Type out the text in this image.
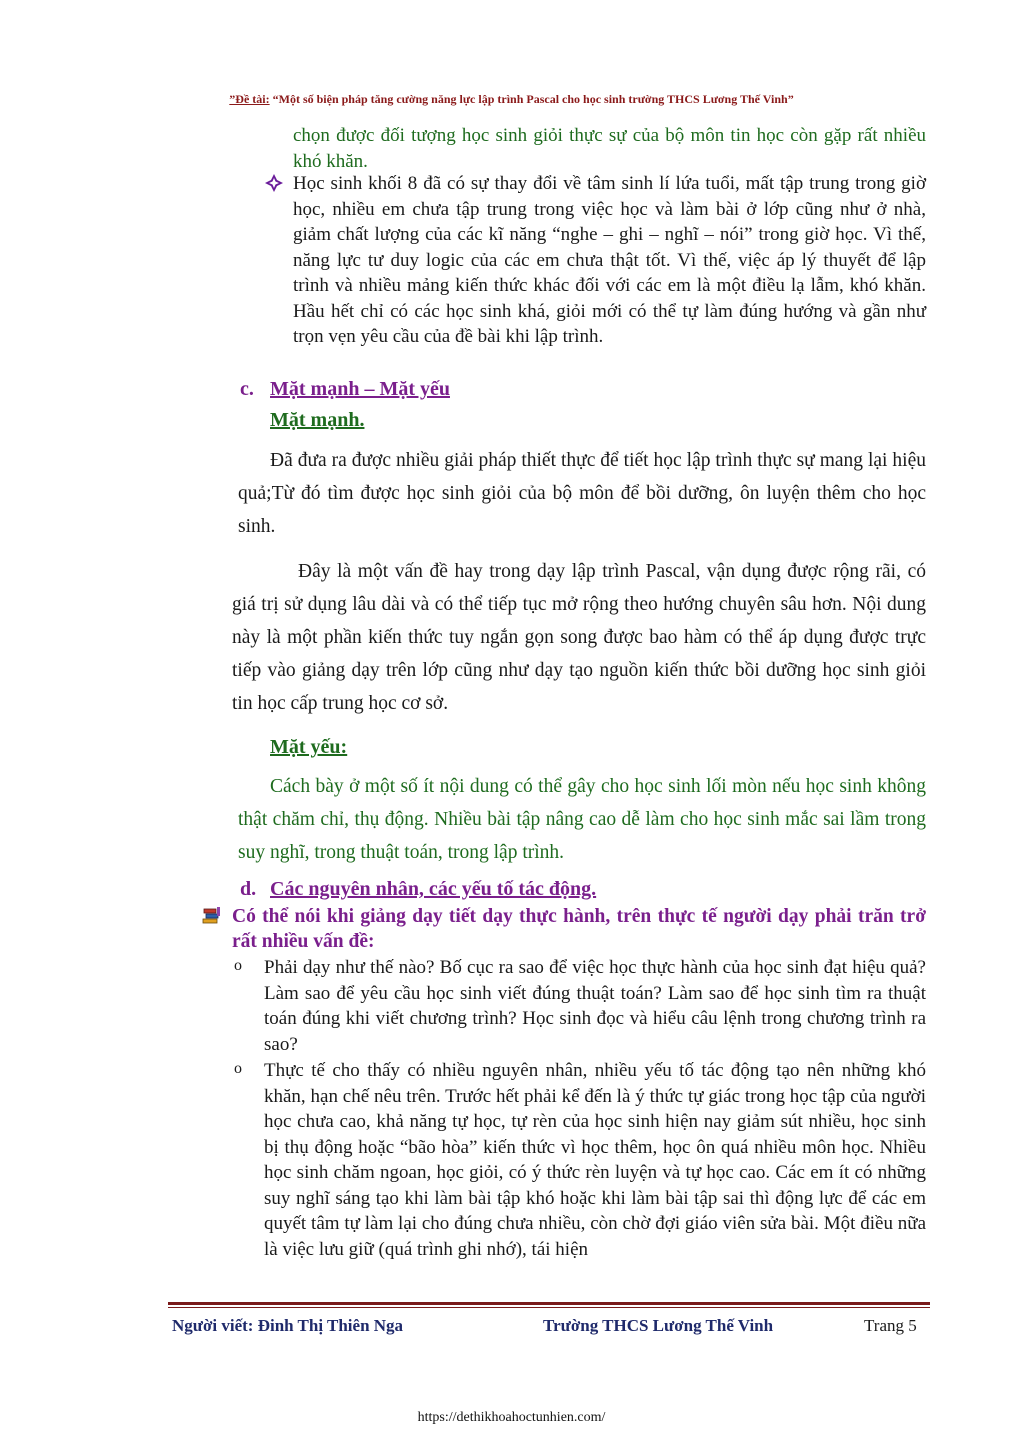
”Đề tài: “Một số biện pháp tăng cường năng lực lập trình Pascal cho học sinh trường THCS Lương Thế Vinh”
chọn được đối tượng học sinh giỏi thực sự của bộ môn tin học còn gặp rất nhiều khó khăn.
Học sinh khối 8 đã có sự thay đổi về tâm sinh lí lứa tuổi, mất tập trung trong giờ học, nhiều em chưa tập trung trong việc học và làm bài ở lớp cũng như ở nhà, giảm chất lượng của các kĩ năng “nghe – ghi – nghĩ – nói” trong giờ học. Vì thế, năng lực tư duy logic của các em chưa thật tốt. Vì thế, việc áp lý thuyết để lập trình và nhiều mảng kiến thức khác đối với các em là một điều lạ lẫm, khó khăn. Hầu hết chỉ có các học sinh khá, giỏi mới có thể tự làm đúng hướng và gần như trọn vẹn yêu cầu của đề bài khi lập trình.
c. Mặt mạnh – Mặt yếu
Mặt mạnh.
Đã đưa ra được nhiều giải pháp thiết thực để tiết học lập trình thực sự mang lại hiệu quả;Từ đó tìm được học sinh giỏi của bộ môn để bồi dưỡng, ôn luyện thêm cho học sinh.
Đây là một vấn đề hay trong dạy lập trình Pascal, vận dụng được rộng rãi, có giá trị sử dụng lâu dài và có thể tiếp tục mở rộng theo hướng chuyên sâu hơn. Nội dung này là một phần kiến thức tuy ngắn gọn song được bao hàm có thể áp dụng được trực tiếp vào giảng dạy trên lớp cũng như dạy tạo nguồn kiến thức bồi dưỡng học sinh giỏi tin học cấp trung học cơ sở.
Mặt yếu:
Cách bày ở một số ít nội dung có thể gây cho học sinh lối mòn nếu học sinh không thật chăm chỉ, thụ động. Nhiều bài tập nâng cao dễ làm cho học sinh mắc sai lầm trong suy nghĩ, trong thuật toán, trong lập trình.
d. Các nguyên nhân, các yếu tố tác động.
Có thể nói khi giảng dạy tiết dạy thực hành, trên thực tế người dạy phải trăn trở rất nhiều vấn đề:
o Phải dạy như thế nào? Bố cục ra sao để việc học thực hành của học sinh đạt hiệu quả? Làm sao để yêu cầu học sinh viết đúng thuật toán? Làm sao để học sinh tìm ra thuật toán đúng khi viết chương trình? Học sinh đọc và hiểu câu lệnh trong chương trình ra sao?
o Thực tế cho thấy có nhiều nguyên nhân, nhiều yếu tố tác động tạo nên những khó khăn, hạn chế nêu trên. Trước hết phải kể đến là ý thức tự giác trong học tập của người học chưa cao, khả năng tự học, tự rèn của học sinh hiện nay giảm sút nhiều, học sinh bị thụ động hoặc “bão hòa” kiến thức vì học thêm, học ôn quá nhiều môn học. Nhiều học sinh chăm ngoan, học giỏi, có ý thức rèn luyện và tự học cao. Các em ít có những suy nghĩ sáng tạo khi làm bài tập khó hoặc khi làm bài tập sai thì động lực để các em quyết tâm tự làm lại cho đúng chưa nhiều, còn chờ đợi giáo viên sửa bài. Một điều nữa là việc lưu giữ (quá trình ghi nhớ), tái hiện
Người viết: Đinh Thị Thiên Nga	Trường THCS Lương Thế Vinh	Trang 5
https://dethikhoahoctunhien.com/
